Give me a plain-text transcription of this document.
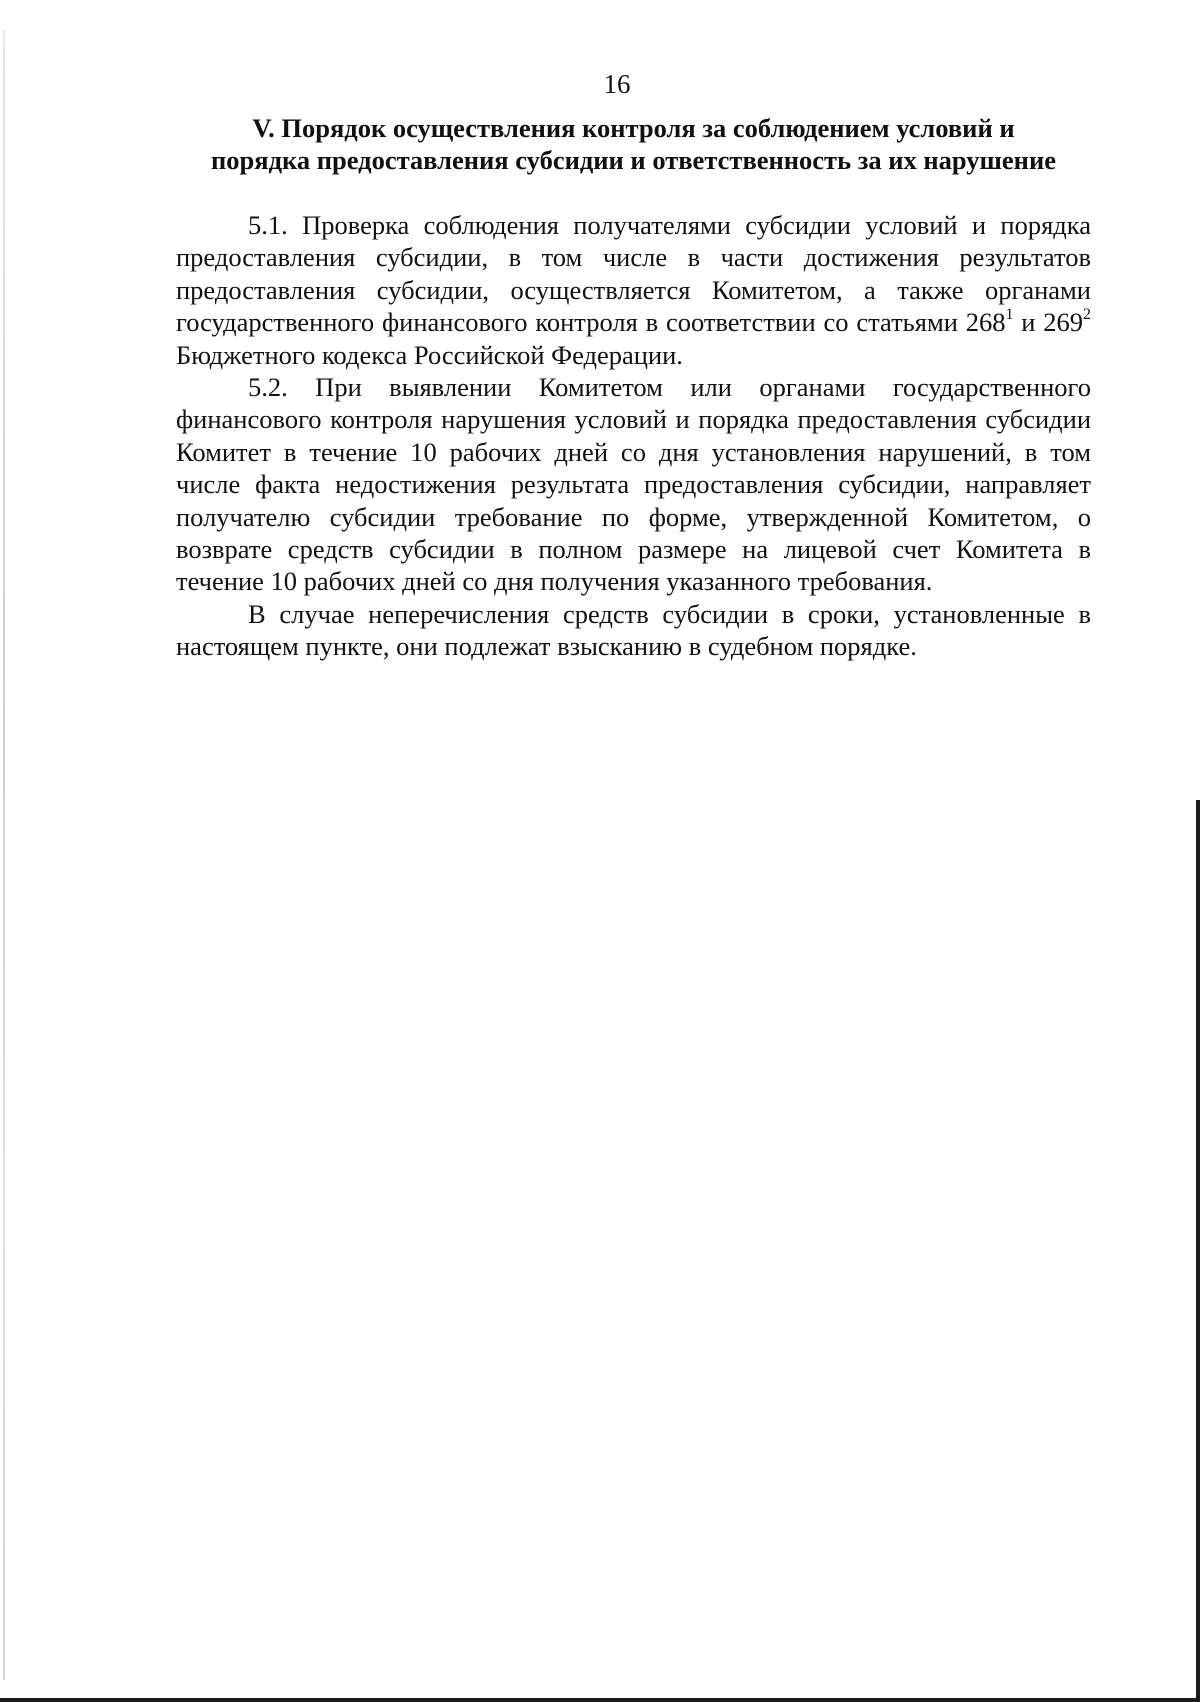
16
V. Порядок осуществления контроля за соблюдением условий и
порядка предоставления субсидии и ответственность за их нарушение

5.1. Проверка соблюдения получателями субсидии условий и порядка предоставления субсидии, в том числе в части достижения результатов предоставления субсидии, осуществляется Комитетом, а также органами государственного финансового контроля в соответствии со статьями $268^1$ и $269^2$ Бюджетного кодекса Российской Федерации.

5.2. При выявлении Комитетом или органами государственного финансового контроля нарушения условий и порядка предоставления субсидии Комитет в течение 10 рабочих дней со дня установления нарушений, в том числе факта недостижения результата предоставления субсидии, направляет получателю субсидии требование по форме, утвержденной Комитетом, о возврате средств субсидии в полном размере на лицевой счет Комитета в течение 10 рабочих дней со дня получения указанного требования.

В случае неперечисления средств субсидии в сроки, установленные в настоящем пункте, они подлежат взысканию в судебном порядке.
